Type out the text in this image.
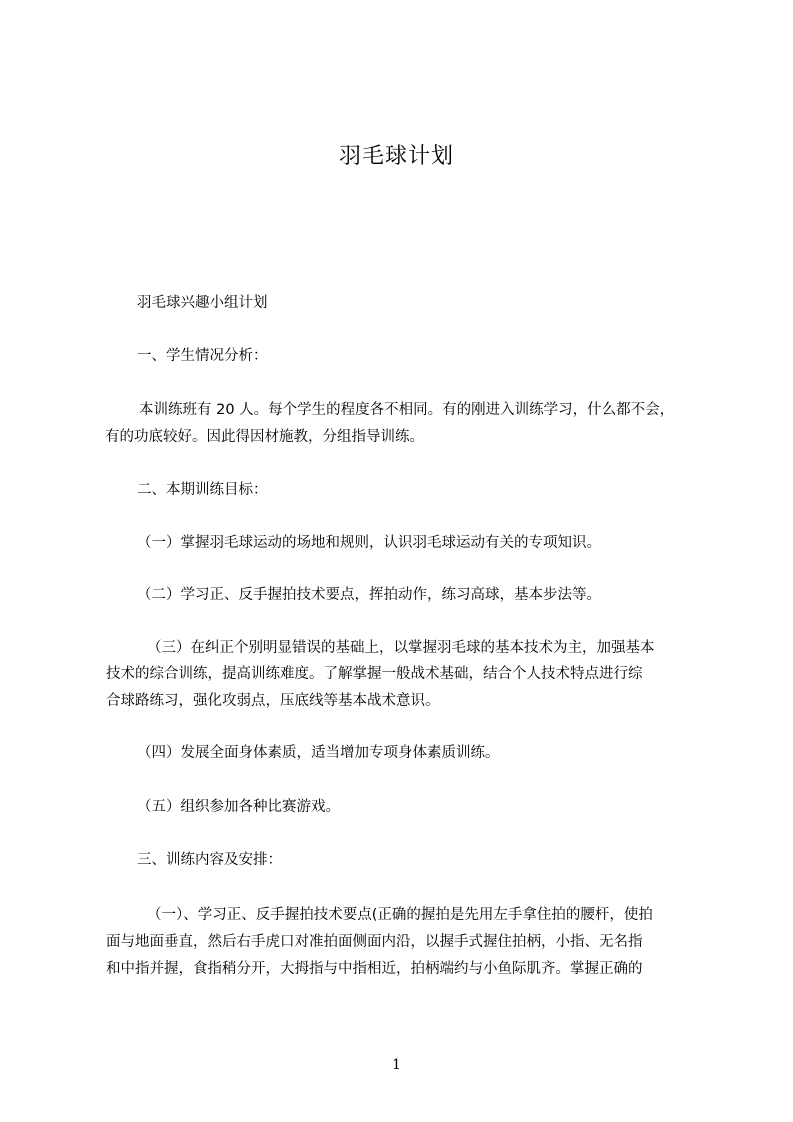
羽毛球计划
羽毛球兴趣小组计划
一、学生情况分析：
本训练班有 20 人。每个学生的程度各不相同。有的刚进入训练学习，什么都不会，
有的功底较好。因此得因材施教，分组指导训练。
二、本期训练目标：
（一）掌握羽毛球运动的场地和规则，认识羽毛球运动有关的专项知识。
（二）学习正、反手握拍技术要点，挥拍动作，练习高球，基本步法等。
（三）在纠正个别明显错误的基础上，以掌握羽毛球的基本技术为主，加强基本
技术的综合训练，提高训练难度。了解掌握一般战术基础，结合个人技术特点进行综
合球路练习，强化攻弱点，压底线等基本战术意识。
（四）发展全面身体素质，适当增加专项身体素质训练。
（五）组织参加各种比赛游戏。
三、训练内容及安排：
（一）、学习正、反手握拍技术要点(正确的握拍是先用左手拿住拍的腰杆，使拍
面与地面垂直，然后右手虎口对准拍面侧面内沿，以握手式握住拍柄，小指、无名指
和中指并握，食指稍分开，大拇指与中指相近，拍柄端约与小鱼际肌齐。掌握正确的
1
